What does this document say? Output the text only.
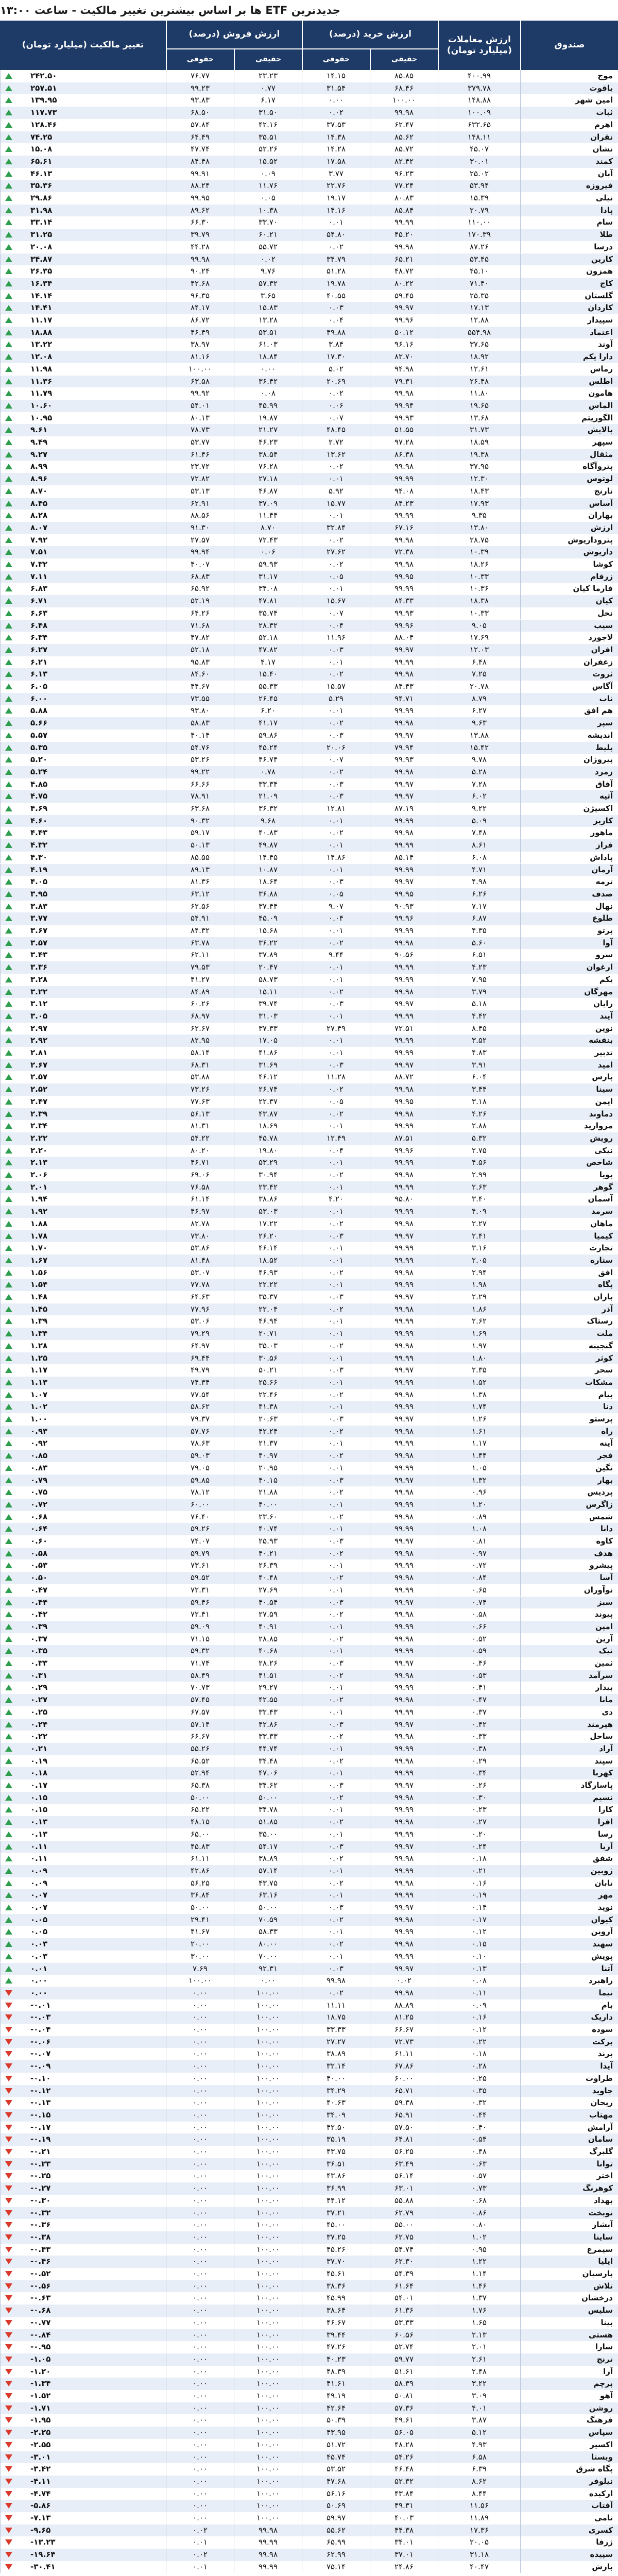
جدیدترین ETF ها بر اساس بیشترین تغییر مالکیت - ساعت ۱۳:۰۰
صندوق
ارزش معاملات (میلیارد تومان)
ارزش خرید (درصد)
حقیقی
حقوقی
ارزش فروش (درصد)
حقیقی
حقوقی
تغییر مالکیت (میلیارد تومان)
موج
۴۰۰.۹۹
۸۵.۸۵
۱۴.۱۵
۲۳.۲۳
۷۶.۷۷
۲۴۲.۵۰
یاقوت
۳۷۹.۷۸
۶۸.۴۶
۳۱.۵۴
۰.۷۷
۹۹.۲۳
۲۵۷.۵۱
امین شهر
۱۴۸.۸۸
۱۰۰.۰۰
۰.۰۰
۶.۱۷
۹۳.۸۳
۱۳۹.۹۵
ثبات
۱۰۰.۰۹
۹۹.۹۸
۰.۰۲
۳۱.۵۰
۶۸.۵۰
۱۱۷.۷۳
اهرم
۶۳۲.۶۵
۶۲.۴۷
۳۷.۵۳
۴۲.۱۶
۵۷.۸۴
۱۲۸.۴۶
نقران
۱۴۸.۱۱
۸۵.۶۲
۱۴.۳۸
۳۵.۵۱
۶۴.۴۹
۷۴.۲۵
نشان
۴۵.۰۷
۸۵.۷۲
۱۴.۲۸
۵۲.۲۶
۴۷.۷۴
۱۵.۰۸
کمند
۳۰.۰۱
۸۲.۴۲
۱۷.۵۸
۱۵.۵۲
۸۴.۴۸
۶۵.۶۱
آبان
۲۵.۰۲
۹۶.۲۳
۳.۷۷
۰.۰۹
۹۹.۹۱
۴۶.۱۳
فیروزه
۵۳.۹۴
۷۷.۲۴
۲۲.۷۶
۱۱.۷۶
۸۸.۲۴
۳۵.۳۶
نیلی
۱۵.۳۹
۸۰.۸۳
۱۹.۱۷
۰.۰۵
۹۹.۹۵
۲۹.۸۶
پادا
۲۰.۷۹
۸۵.۸۴
۱۴.۱۶
۱۰.۳۸
۸۹.۶۲
۳۱.۹۸
سام
۱۱۰.۰۰
۹۹.۹۹
۰.۰۱
۳۳.۷۰
۶۶.۳۰
۳۳.۱۴
طلا
۱۷۰.۳۹
۴۵.۲۰
۵۴.۸۰
۶۰.۲۱
۳۹.۷۹
۳۱.۲۵
درسا
۸۷.۲۶
۹۹.۹۸
۰.۰۲
۵۵.۷۲
۴۴.۲۸
۲۰.۰۸
کارین
۵۳.۴۵
۶۵.۲۱
۳۴.۷۹
۰.۰۲
۹۹.۹۸
۳۴.۸۷
همزون
۴۵.۱۰
۴۸.۷۲
۵۱.۲۸
۹.۷۶
۹۰.۲۴
۲۶.۳۵
کاج
۷۱.۴۰
۸۰.۲۲
۱۹.۷۸
۵۷.۳۲
۴۲.۶۸
۱۶.۳۴
گلستان
۲۵.۳۵
۵۹.۴۵
۴۰.۵۵
۳.۶۵
۹۶.۳۵
۱۴.۱۴
کاردان
۱۷.۱۳
۹۹.۹۷
۰.۰۳
۱۵.۸۳
۸۴.۱۷
۱۴.۴۱
سپیدار
۱۲.۸۸
۹۹.۹۶
۰.۰۴
۱۳.۲۸
۸۶.۷۲
۱۱.۱۷
اعتماد
۵۵۴.۹۸
۵۰.۱۲
۴۹.۸۸
۵۳.۵۱
۴۶.۴۹
۱۸.۸۸
آوند
۳۷.۶۵
۹۶.۱۶
۳.۸۴
۶۱.۰۳
۳۸.۹۷
۱۳.۲۲
دارا یکم
۱۸.۹۲
۸۲.۷۰
۱۷.۳۰
۱۸.۸۴
۸۱.۱۶
۱۲.۰۸
رماس
۱۲.۶۱
۹۴.۹۸
۵.۰۲
۰.۰۰
۱۰۰.۰۰
۱۱.۹۸
اطلس
۲۶.۴۸
۷۹.۳۱
۲۰.۶۹
۳۶.۴۲
۶۳.۵۸
۱۱.۳۶
هامون
۱۱.۸۰
۹۹.۹۸
۰.۰۲
۰.۰۸
۹۹.۹۲
۱۱.۷۹
الماس
۱۹.۶۵
۹۹.۹۴
۰.۰۶
۴۵.۹۹
۵۴.۰۱
۱۰.۶۰
الگوریتم
۱۳.۶۸
۹۹.۹۳
۰.۰۷
۱۹.۸۷
۸۰.۱۳
۱۰.۹۵
پالایش
۳۱.۷۳
۵۱.۵۵
۴۸.۴۵
۲۱.۲۷
۷۸.۷۳
۹.۶۱
سپهر
۱۸.۵۹
۹۷.۲۸
۲.۷۲
۴۶.۲۳
۵۳.۷۷
۹.۴۹
مثقال
۱۹.۳۸
۸۶.۳۸
۱۳.۶۲
۳۸.۵۴
۶۱.۴۶
۹.۲۷
پتروآگاه
۳۷.۹۵
۹۹.۹۸
۰.۰۲
۷۶.۲۸
۲۳.۷۲
۸.۹۹
لوتوس
۱۲.۳۰
۹۹.۹۹
۰.۰۱
۲۷.۱۸
۷۲.۸۲
۸.۹۶
نارنج
۱۸.۴۳
۹۴.۰۸
۵.۹۲
۴۶.۸۷
۵۳.۱۳
۸.۷۰
آساس
۱۷.۹۳
۸۴.۲۳
۱۵.۷۷
۳۷.۰۹
۶۲.۹۱
۸.۴۵
بهاران
۹.۳۵
۹۹.۹۹
۰.۰۱
۱۱.۴۴
۸۸.۵۶
۸.۲۸
ارزش
۱۳.۸۰
۶۷.۱۶
۳۲.۸۴
۸.۷۰
۹۱.۳۰
۸.۰۷
پتروداریوش
۲۸.۷۵
۹۹.۹۸
۰.۰۲
۷۲.۴۳
۲۷.۵۷
۷.۹۲
داریوش
۱۰.۳۹
۷۲.۳۸
۲۷.۶۲
۰.۰۶
۹۹.۹۴
۷.۵۱
کوشا
۱۸.۲۶
۹۹.۹۸
۰.۰۲
۵۹.۹۳
۴۰.۰۷
۷.۳۲
زرفام
۱۰.۳۳
۹۹.۹۵
۰.۰۵
۳۱.۱۷
۶۸.۸۳
۷.۱۱
فارما کیان
۱۰.۳۶
۹۹.۹۹
۰.۰۱
۳۴.۰۸
۶۵.۹۲
۶.۸۳
کیان
۱۸.۳۸
۸۴.۳۳
۱۵.۶۷
۴۷.۸۱
۵۲.۱۹
۶.۷۱
نخل
۱۰.۳۳
۹۹.۹۳
۰.۰۷
۳۵.۷۴
۶۴.۲۶
۶.۶۳
سیب
۹.۰۵
۹۹.۹۶
۰.۰۴
۲۸.۳۲
۷۱.۶۸
۶.۴۸
لاجورد
۱۷.۶۹
۸۸.۰۴
۱۱.۹۶
۵۲.۱۸
۴۷.۸۲
۶.۳۴
افران
۱۲.۰۳
۹۹.۹۷
۰.۰۳
۴۷.۸۲
۵۲.۱۸
۶.۲۷
زعفران
۶.۴۸
۹۹.۹۹
۰.۰۱
۴.۱۷
۹۵.۸۳
۶.۲۱
ثروت
۷.۲۵
۹۹.۹۸
۰.۰۲
۱۵.۴۰
۸۴.۶۰
۶.۱۳
آگاس
۲۰.۷۸
۸۴.۴۳
۱۵.۵۷
۵۵.۳۳
۴۴.۶۷
۶.۰۵
ناب
۸.۷۹
۹۴.۷۱
۵.۲۹
۲۶.۴۵
۷۳.۵۵
۶.۰۰
هم افق
۶.۲۷
۹۹.۹۹
۰.۰۱
۶.۲۰
۹۳.۸۰
۵.۸۸
سپر
۹.۶۳
۹۹.۹۸
۰.۰۲
۴۱.۱۷
۵۸.۸۳
۵.۶۶
اندیشه
۱۳.۸۸
۹۹.۹۷
۰.۰۳
۵۹.۸۶
۴۰.۱۴
۵.۵۷
بلیط
۱۵.۴۲
۷۹.۹۴
۲۰.۰۶
۴۵.۲۴
۵۴.۷۶
۵.۳۵
پیروزان
۹.۷۸
۹۹.۹۳
۰.۰۷
۴۶.۷۴
۵۳.۲۶
۵.۲۰
زمرد
۵.۲۸
۹۹.۹۸
۰.۰۲
۰.۷۸
۹۹.۲۲
۵.۲۴
آفاق
۷.۲۸
۹۹.۹۷
۰.۰۳
۳۳.۳۴
۶۶.۶۶
۴.۸۵
آتیه
۶.۰۲
۹۹.۹۷
۰.۰۳
۲۱.۰۹
۷۸.۹۱
۴.۷۵
اکسیژن
۹.۲۲
۸۷.۱۹
۱۲.۸۱
۳۶.۳۲
۶۳.۶۸
۴.۶۹
کاریز
۵.۰۹
۹۹.۹۹
۰.۰۱
۹.۶۸
۹۰.۳۲
۴.۶۰
ماهور
۷.۴۸
۹۹.۹۸
۰.۰۲
۴۰.۸۳
۵۹.۱۷
۴.۴۳
فراز
۸.۶۱
۹۹.۹۹
۰.۰۱
۴۹.۸۷
۵۰.۱۳
۴.۳۲
پاداش
۶.۰۸
۸۵.۱۴
۱۴.۸۶
۱۴.۴۵
۸۵.۵۵
۴.۳۰
آرمان
۴.۷۱
۹۹.۹۹
۰.۰۱
۱۰.۸۷
۸۹.۱۳
۴.۱۹
ترمه
۴.۹۸
۹۹.۹۷
۰.۰۳
۱۸.۶۴
۸۱.۳۶
۴.۰۵
صدف
۶.۲۶
۹۹.۹۵
۰.۰۵
۳۶.۸۸
۶۳.۱۲
۳.۹۵
نهال
۷.۱۷
۹۰.۹۳
۹.۰۷
۳۷.۴۴
۶۲.۵۶
۳.۸۳
طلوع
۶.۸۷
۹۹.۹۶
۰.۰۴
۴۵.۰۹
۵۴.۹۱
۳.۷۷
پرتو
۴.۳۵
۹۹.۹۹
۰.۰۱
۱۵.۶۸
۸۴.۳۲
۳.۶۷
آوا
۵.۶۰
۹۹.۹۸
۰.۰۲
۳۶.۲۲
۶۳.۷۸
۳.۵۷
سرو
۶.۵۱
۹۰.۵۶
۹.۴۴
۳۷.۸۹
۶۲.۱۱
۳.۴۳
ارغوان
۴.۲۳
۹۹.۹۹
۰.۰۱
۲۰.۴۷
۷۹.۵۳
۳.۳۶
یکم
۷.۹۵
۹۹.۹۹
۰.۰۱
۵۸.۷۳
۴۱.۲۷
۳.۲۸
مهرگان
۳.۷۹
۹۹.۹۸
۰.۰۲
۱۵.۱۱
۸۴.۸۹
۳.۲۲
رایان
۵.۱۸
۹۹.۹۷
۰.۰۳
۳۹.۷۴
۶۰.۲۶
۳.۱۲
آیند
۴.۴۲
۹۹.۹۹
۰.۰۱
۳۱.۰۳
۶۸.۹۷
۳.۰۵
نوین
۸.۴۵
۷۲.۵۱
۲۷.۴۹
۳۷.۳۳
۶۲.۶۷
۲.۹۷
بنفشه
۳.۵۲
۹۹.۹۹
۰.۰۱
۱۷.۰۵
۸۲.۹۵
۲.۹۲
تدبیر
۴.۸۳
۹۹.۹۹
۰.۰۱
۴۱.۸۶
۵۸.۱۴
۲.۸۱
امید
۳.۹۱
۹۹.۹۷
۰.۰۳
۳۱.۶۹
۶۸.۳۱
۲.۶۷
پارس
۶.۰۴
۸۸.۷۲
۱۱.۲۸
۴۶.۱۲
۵۳.۸۸
۲.۵۷
سینا
۳.۴۴
۹۹.۹۸
۰.۰۲
۲۶.۷۴
۷۳.۲۶
۲.۵۲
ایمن
۳.۱۸
۹۹.۹۵
۰.۰۵
۲۲.۳۷
۷۷.۶۳
۲.۴۷
دماوند
۴.۲۶
۹۹.۹۸
۰.۰۲
۴۳.۸۷
۵۶.۱۳
۲.۳۹
مروارید
۲.۸۸
۹۹.۹۹
۰.۰۱
۱۸.۶۹
۸۱.۳۱
۲.۳۴
رویش
۵.۳۲
۸۷.۵۱
۱۲.۴۹
۴۵.۷۸
۵۴.۲۲
۲.۲۲
نیکی
۲.۷۵
۹۹.۹۶
۰.۰۴
۱۹.۸۰
۸۰.۲۰
۲.۲۰
شاخص
۴.۵۶
۹۹.۹۹
۰.۰۱
۵۳.۲۹
۴۶.۷۱
۲.۱۳
پویا
۲.۹۹
۹۹.۹۸
۰.۰۲
۳۰.۹۴
۶۹.۰۶
۲.۰۶
گوهر
۲.۶۳
۹۹.۹۹
۰.۰۱
۲۳.۴۲
۷۶.۵۸
۲.۰۱
آسمان
۳.۴۰
۹۵.۸۰
۴.۲۰
۳۸.۸۶
۶۱.۱۴
۱.۹۴
سرمد
۴.۰۹
۹۹.۹۹
۰.۰۱
۵۳.۰۳
۴۶.۹۷
۱.۹۲
ماهان
۲.۲۷
۹۹.۹۸
۰.۰۲
۱۷.۲۲
۸۲.۷۸
۱.۸۸
کیمیا
۲.۴۱
۹۹.۹۷
۰.۰۳
۲۶.۲۰
۷۳.۸۰
۱.۷۸
تجارت
۳.۱۶
۹۹.۹۹
۰.۰۱
۴۶.۱۴
۵۳.۸۶
۱.۷۰
ستاره
۲.۰۵
۹۹.۹۹
۰.۰۱
۱۸.۵۲
۸۱.۴۸
۱.۶۷
افق
۲.۹۴
۹۹.۹۸
۰.۰۲
۴۶.۹۳
۵۳.۰۷
۱.۵۶
پگاه
۱.۹۸
۹۹.۹۹
۰.۰۱
۲۲.۲۲
۷۷.۷۸
۱.۵۴
باران
۲.۲۹
۹۹.۹۷
۰.۰۳
۳۵.۳۷
۶۴.۶۳
۱.۴۸
آذر
۱.۸۶
۹۹.۹۸
۰.۰۲
۲۲.۰۴
۷۷.۹۶
۱.۴۵
رستاک
۲.۶۲
۹۹.۹۹
۰.۰۱
۴۶.۹۴
۵۳.۰۶
۱.۳۹
ملت
۱.۶۹
۹۹.۹۹
۰.۰۱
۲۰.۷۱
۷۹.۲۹
۱.۳۴
گنجینه
۱.۹۷
۹۹.۹۸
۰.۰۲
۳۵.۰۳
۶۴.۹۷
۱.۲۸
کوثر
۱.۸۰
۹۹.۹۹
۰.۰۱
۳۰.۵۶
۶۹.۴۴
۱.۲۵
سحر
۲.۳۵
۹۹.۹۷
۰.۰۳
۵۰.۲۱
۴۹.۷۹
۱.۱۷
مشکات
۱.۵۲
۹۹.۹۹
۰.۰۱
۲۵.۶۶
۷۴.۳۴
۱.۱۳
پیام
۱.۳۸
۹۹.۹۸
۰.۰۲
۲۲.۴۶
۷۷.۵۴
۱.۰۷
دنا
۱.۷۴
۹۹.۹۹
۰.۰۱
۴۱.۳۸
۵۸.۶۲
۱.۰۲
پرستو
۱.۲۶
۹۹.۹۷
۰.۰۳
۲۰.۶۳
۷۹.۳۷
۱.۰۰
راه
۱.۶۱
۹۹.۹۸
۰.۰۲
۴۲.۲۴
۵۷.۷۶
۰.۹۳
آینه
۱.۱۷
۹۹.۹۹
۰.۰۱
۲۱.۳۷
۷۸.۶۳
۰.۹۲
فجر
۱.۴۴
۹۹.۹۸
۰.۰۲
۴۰.۹۷
۵۹.۰۳
۰.۸۵
نگین
۱.۰۵
۹۹.۹۹
۰.۰۱
۲۰.۹۵
۷۹.۰۵
۰.۸۳
بهار
۱.۳۲
۹۹.۹۷
۰.۰۳
۴۰.۱۵
۵۹.۸۵
۰.۷۹
پردیس
۰.۹۶
۹۹.۹۸
۰.۰۲
۲۱.۸۸
۷۸.۱۲
۰.۷۵
زاگرس
۱.۲۰
۹۹.۹۹
۰.۰۱
۴۰.۰۰
۶۰.۰۰
۰.۷۲
شمس
۰.۸۹
۹۹.۹۸
۰.۰۲
۲۳.۶۰
۷۶.۴۰
۰.۶۸
دانا
۱.۰۸
۹۹.۹۹
۰.۰۱
۴۰.۷۴
۵۹.۲۶
۰.۶۴
کاوه
۰.۸۱
۹۹.۹۷
۰.۰۳
۲۵.۹۳
۷۴.۰۷
۰.۶۰
هدف
۰.۹۷
۹۹.۹۸
۰.۰۲
۴۰.۲۱
۵۹.۷۹
۰.۵۸
پیشرو
۰.۷۲
۹۹.۹۹
۰.۰۱
۲۶.۳۹
۷۳.۶۱
۰.۵۳
آسا
۰.۸۴
۹۹.۹۸
۰.۰۲
۴۰.۴۸
۵۹.۵۲
۰.۵۰
نوآوران
۰.۶۵
۹۹.۹۹
۰.۰۱
۲۷.۶۹
۷۲.۳۱
۰.۴۷
سبز
۰.۷۴
۹۹.۹۷
۰.۰۳
۴۰.۵۴
۵۹.۴۶
۰.۴۴
پیوند
۰.۵۸
۹۹.۹۸
۰.۰۲
۲۷.۵۹
۷۲.۴۱
۰.۴۲
امین
۰.۶۶
۹۹.۹۹
۰.۰۱
۴۰.۹۱
۵۹.۰۹
۰.۳۹
آرین
۰.۵۲
۹۹.۹۸
۰.۰۲
۲۸.۸۵
۷۱.۱۵
۰.۳۷
نیک
۰.۵۹
۹۹.۹۹
۰.۰۱
۴۰.۶۸
۵۹.۳۲
۰.۳۵
ثمین
۰.۴۶
۹۹.۹۷
۰.۰۳
۲۸.۲۶
۷۱.۷۴
۰.۳۳
سرآمد
۰.۵۳
۹۹.۹۸
۰.۰۲
۴۱.۵۱
۵۸.۴۹
۰.۳۱
بیدار
۰.۴۱
۹۹.۹۹
۰.۰۱
۲۹.۲۷
۷۰.۷۳
۰.۲۹
مانا
۰.۴۷
۹۹.۹۸
۰.۰۲
۴۲.۵۵
۵۷.۴۵
۰.۲۷
دی
۰.۳۷
۹۹.۹۹
۰.۰۱
۳۲.۴۳
۶۷.۵۷
۰.۲۵
هیرمند
۰.۴۲
۹۹.۹۷
۰.۰۳
۴۲.۸۶
۵۷.۱۴
۰.۲۴
ساحل
۰.۳۳
۹۹.۹۸
۰.۰۲
۳۳.۳۳
۶۶.۶۷
۰.۲۲
آراد
۰.۳۸
۹۹.۹۹
۰.۰۱
۴۴.۷۴
۵۵.۲۶
۰.۲۱
سپند
۰.۲۹
۹۹.۹۸
۰.۰۲
۳۴.۴۸
۶۵.۵۲
۰.۱۹
کهربا
۰.۳۴
۹۹.۹۹
۰.۰۱
۴۷.۰۶
۵۲.۹۴
۰.۱۸
پاسارگاد
۰.۲۶
۹۹.۹۷
۰.۰۳
۳۴.۶۲
۶۵.۳۸
۰.۱۷
نسیم
۰.۳۰
۹۹.۹۸
۰.۰۲
۵۰.۰۰
۵۰.۰۰
۰.۱۵
کارا
۰.۲۳
۹۹.۹۹
۰.۰۱
۳۴.۷۸
۶۵.۲۲
۰.۱۵
افرا
۰.۲۷
۹۹.۹۸
۰.۰۲
۵۱.۸۵
۴۸.۱۵
۰.۱۳
رسا
۰.۲۰
۹۹.۹۹
۰.۰۱
۳۵.۰۰
۶۵.۰۰
۰.۱۳
آریا
۰.۲۴
۹۹.۹۷
۰.۰۳
۵۴.۱۷
۴۵.۸۳
۰.۱۱
شفق
۰.۱۸
۹۹.۹۸
۰.۰۲
۳۸.۸۹
۶۱.۱۱
۰.۱۱
ژوبین
۰.۲۱
۹۹.۹۹
۰.۰۱
۵۷.۱۴
۴۲.۸۶
۰.۰۹
تابان
۰.۱۶
۹۹.۹۸
۰.۰۲
۴۳.۷۵
۵۶.۲۵
۰.۰۹
مهر
۰.۱۹
۹۹.۹۹
۰.۰۱
۶۳.۱۶
۳۶.۸۴
۰.۰۷
نوید
۰.۱۴
۹۹.۹۷
۰.۰۳
۵۰.۰۰
۵۰.۰۰
۰.۰۷
کیوان
۰.۱۷
۹۹.۹۸
۰.۰۲
۷۰.۵۹
۲۹.۴۱
۰.۰۵
آروین
۰.۱۲
۹۹.۹۹
۰.۰۱
۵۸.۳۳
۴۱.۶۷
۰.۰۵
سهند
۰.۱۵
۹۹.۹۸
۰.۰۲
۸۰.۰۰
۲۰.۰۰
۰.۰۳
پویش
۰.۱۰
۹۹.۹۹
۰.۰۱
۷۰.۰۰
۳۰.۰۰
۰.۰۳
آتنا
۰.۱۳
۹۹.۹۷
۰.۰۳
۹۲.۳۱
۷.۶۹
۰.۰۱
راهبرد
۰.۰۸
۰.۰۲
۹۹.۹۸
۰.۰۰
۱۰۰.۰۰
۰.۰۰
نیما
۰.۱۱
۹۹.۹۸
۰.۰۲
۱۰۰.۰۰
۰.۰۰
۰.۰۰
بام
۰.۰۹
۸۸.۸۹
۱۱.۱۱
۱۰۰.۰۰
۰.۰۰
-۰.۰۱
داریک
۰.۱۶
۸۱.۲۵
۱۸.۷۵
۱۰۰.۰۰
۰.۰۰
-۰.۰۳
سوده
۰.۱۲
۶۶.۶۷
۳۳.۳۳
۱۰۰.۰۰
۰.۰۰
-۰.۰۴
برکت
۰.۲۲
۷۲.۷۳
۲۷.۲۷
۱۰۰.۰۰
۰.۰۰
-۰.۰۶
پرند
۰.۱۸
۶۱.۱۱
۳۸.۸۹
۱۰۰.۰۰
۰.۰۰
-۰.۰۷
آیدا
۰.۲۸
۶۷.۸۶
۳۲.۱۴
۱۰۰.۰۰
۰.۰۰
-۰.۰۹
طراوت
۰.۲۵
۶۰.۰۰
۴۰.۰۰
۱۰۰.۰۰
۰.۰۰
-۰.۱۰
جاوید
۰.۳۵
۶۵.۷۱
۳۴.۲۹
۱۰۰.۰۰
۰.۰۰
-۰.۱۲
ریحان
۰.۳۲
۵۹.۳۸
۴۰.۶۳
۱۰۰.۰۰
۰.۰۰
-۰.۱۳
مهتاب
۰.۴۴
۶۵.۹۱
۳۴.۰۹
۱۰۰.۰۰
۰.۰۰
-۰.۱۵
آرامش
۰.۴۰
۵۷.۵۰
۴۲.۵۰
۱۰۰.۰۰
۰.۰۰
-۰.۱۷
سامان
۰.۵۴
۶۴.۸۱
۳۵.۱۹
۱۰۰.۰۰
۰.۰۰
-۰.۱۹
گلبرگ
۰.۴۸
۵۶.۲۵
۴۳.۷۵
۱۰۰.۰۰
۰.۰۰
-۰.۲۱
توانا
۰.۶۳
۶۳.۴۹
۳۶.۵۱
۱۰۰.۰۰
۰.۰۰
-۰.۲۳
اختر
۰.۵۷
۵۶.۱۴
۴۳.۸۶
۱۰۰.۰۰
۰.۰۰
-۰.۲۵
کوهرنگ
۰.۷۳
۶۳.۰۱
۳۶.۹۹
۱۰۰.۰۰
۰.۰۰
-۰.۲۷
بهداد
۰.۶۸
۵۵.۸۸
۴۴.۱۲
۱۰۰.۰۰
۰.۰۰
-۰.۳۰
نوبخت
۰.۸۶
۶۲.۷۹
۳۷.۲۱
۱۰۰.۰۰
۰.۰۰
-۰.۳۲
آبشار
۰.۸۰
۵۵.۰۰
۴۵.۰۰
۱۰۰.۰۰
۰.۰۰
-۰.۳۶
ساینا
۱.۰۲
۶۲.۷۵
۳۷.۲۵
۱۰۰.۰۰
۰.۰۰
-۰.۳۸
سیمرغ
۰.۹۵
۵۴.۷۴
۴۵.۲۶
۱۰۰.۰۰
۰.۰۰
-۰.۴۳
ایلیا
۱.۲۲
۶۲.۳۰
۳۷.۷۰
۱۰۰.۰۰
۰.۰۰
-۰.۴۶
پارسیان
۱.۱۴
۵۴.۳۹
۴۵.۶۱
۱۰۰.۰۰
۰.۰۰
-۰.۵۲
تلاش
۱.۴۶
۶۱.۶۴
۳۸.۳۶
۱۰۰.۰۰
۰.۰۰
-۰.۵۶
درخشان
۱.۳۷
۵۴.۰۱
۴۵.۹۹
۱۰۰.۰۰
۰.۰۰
-۰.۶۳
سلیس
۱.۷۶
۶۱.۳۶
۳۸.۶۴
۱۰۰.۰۰
۰.۰۰
-۰.۶۸
بینا
۱.۶۵
۵۳.۳۳
۴۶.۶۷
۱۰۰.۰۰
۰.۰۰
-۰.۷۷
هستی
۲.۱۳
۶۰.۵۶
۳۹.۴۴
۱۰۰.۰۰
۰.۰۰
-۰.۸۴
سارا
۲.۰۱
۵۲.۷۴
۴۷.۲۶
۱۰۰.۰۰
۰.۰۰
-۰.۹۵
ترنج
۲.۶۱
۵۹.۷۷
۴۰.۲۳
۱۰۰.۰۰
۰.۰۰
-۱.۰۵
آرا
۲.۴۸
۵۱.۶۱
۴۸.۳۹
۱۰۰.۰۰
۰.۰۰
-۱.۲۰
پرچم
۳.۲۲
۵۸.۳۹
۴۱.۶۱
۱۰۰.۰۰
۰.۰۰
-۱.۳۴
آهو
۳.۰۹
۵۰.۸۱
۴۹.۱۹
۱۰۰.۰۰
۰.۰۰
-۱.۵۲
روشن
۴.۰۱
۵۷.۳۶
۴۲.۶۴
۱۰۰.۰۰
۰.۰۰
-۱.۷۱
فرهنگ
۳.۸۷
۴۹.۶۱
۵۰.۳۹
۱۰۰.۰۰
۰.۰۰
-۱.۹۵
سپاس
۵.۱۲
۵۶.۰۵
۴۳.۹۵
۱۰۰.۰۰
۰.۰۰
-۲.۲۵
اکسیر
۴.۹۳
۴۸.۲۸
۵۱.۷۲
۱۰۰.۰۰
۰.۰۰
-۲.۵۵
ویستا
۶.۵۸
۵۴.۲۶
۴۵.۷۴
۱۰۰.۰۰
۰.۰۰
-۳.۰۱
پگاه شرق
۶.۳۹
۴۶.۴۸
۵۳.۵۲
۱۰۰.۰۰
۰.۰۰
-۳.۴۲
نیلوفر
۸.۶۲
۵۲.۳۲
۴۷.۶۸
۱۰۰.۰۰
۰.۰۰
-۴.۱۱
ارکیده
۸.۴۴
۴۳.۸۴
۵۶.۱۶
۱۰۰.۰۰
۰.۰۰
-۴.۷۴
آفتاب
۱۱.۵۶
۴۹.۳۱
۵۰.۶۹
۱۰۰.۰۰
۰.۰۰
-۵.۸۶
نامی
۱۱.۸۹
۴۰.۰۳
۵۹.۹۷
۱۰۰.۰۰
۰.۰۰
-۷.۱۳
کسری
۱۷.۳۶
۴۴.۳۸
۵۵.۶۲
۹۹.۹۸
۰.۰۲
-۹.۶۵
ژرفا
۲۰.۰۵
۳۴.۰۱
۶۵.۹۹
۹۹.۹۹
۰.۰۱
-۱۳.۲۳
سپیده
۳۱.۱۸
۳۷.۰۱
۶۲.۹۹
۹۹.۹۸
۰.۰۲
-۱۹.۶۴
بارش
۴۰.۴۷
۲۴.۸۶
۷۵.۱۴
۹۹.۹۹
۰.۰۱
-۳۰.۴۱
